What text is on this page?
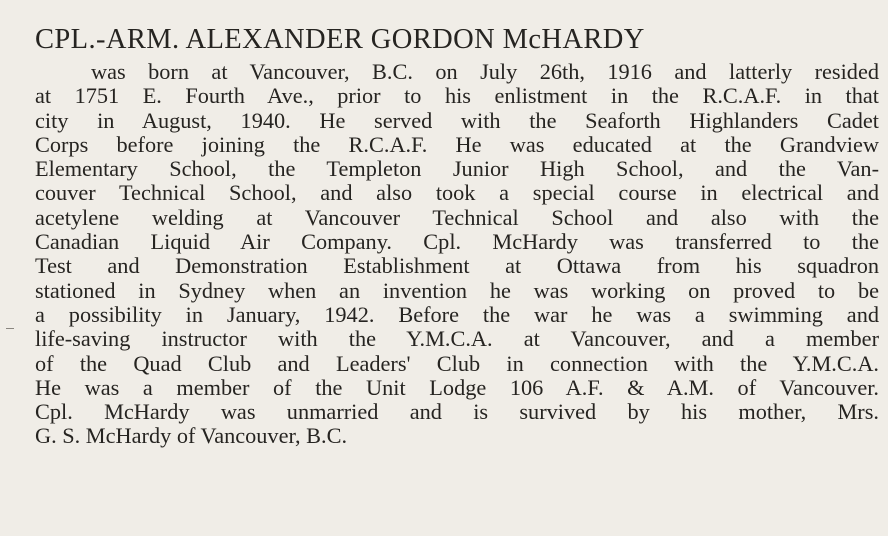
CPL.-ARM. ALEXANDER GORDON McHARDY
was born at Vancouver, B.C. on July 26th, 1916 and latterly resided
at 1751 E. Fourth Ave., prior to his enlistment in the R.C.A.F. in that
city in August, 1940. He served with the Seaforth Highlanders Cadet
Corps before joining the R.C.A.F. He was educated at the Grandview
Elementary School, the Templeton Junior High School, and the Van-
couver Technical School, and also took a special course in electrical and
acetylene welding at Vancouver Technical School and also with the
Canadian Liquid Air Company. Cpl. McHardy was transferred to the
Test and Demonstration Establishment at Ottawa from his squadron
stationed in Sydney when an invention he was working on proved to be
a possibility in January, 1942. Before the war he was a swimming and
life-saving instructor with the Y.M.C.A. at Vancouver, and a member
of the Quad Club and Leaders' Club in connection with the Y.M.C.A.
He was a member of the Unit Lodge 106 A.F. & A.M. of Vancouver.
Cpl. McHardy was unmarried and is survived by his mother, Mrs.
G. S. McHardy of Vancouver, B.C.
